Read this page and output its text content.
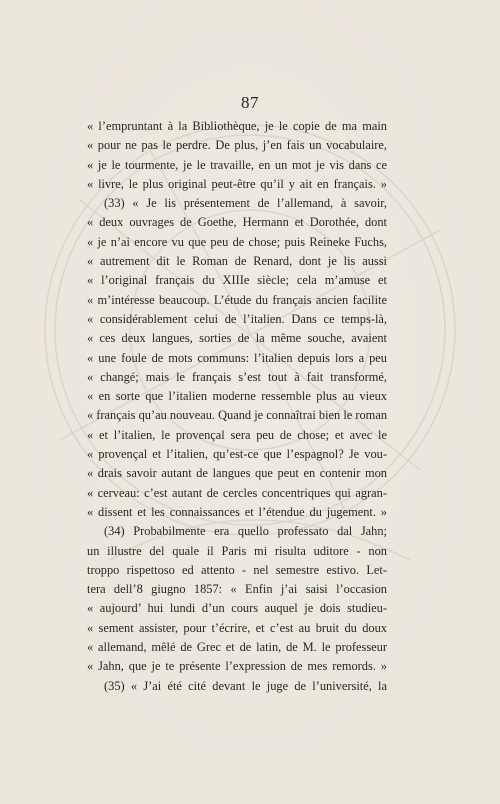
87
« l’empruntant à la Bibliothèque, je le copie de ma main
« pour ne pas le perdre. De plus, j’en fais un vocabulaire,
« je le tourmente, je le travaille, en un mot je vis dans ce
« livre, le plus original peut-être qu’il y ait en français. »
(33) « Je lis présentement de l’allemand, à savoir,
« deux ouvrages de Goethe, Hermann et Dorothée, dont
« je n’ai encore vu que peu de chose; puis Reineke Fuchs,
« autrement dit le Roman de Renard, dont je lis aussi
« l’original français du XIIIe siècle; cela m’amuse et
« m’intéresse beaucoup. L’étude du français ancien facilite
« considérablement celui de l’italien. Dans ce temps-là,
« ces deux langues, sorties de la même souche, avaient
« une foule de mots communs: l’italien depuis lors a peu
« changé; mais le français s’est tout à fait transformé,
« en sorte que l’italien moderne ressemble plus au vieux
« français qu’au nouveau. Quand je connaîtrai bien le roman
« et l’italien, le provençal sera peu de chose; et avec le
« provençal et l’italien, qu’est-ce que l’espagnol? Je vou-
« drais savoir autant de langues que peut en contenir mon
« cerveau: c’est autant de cercles concentriques qui agran-
« dissent et les connaissances et l’étendue du jugement. »
(34) Probabilmente era quello professato dal Jahn;
un illustre del quale il Paris mi risulta uditore - non
troppo rispettoso ed attento - nel semestre estivo. Let-
tera dell’8 giugno 1857: « Enfin j’ai saisi l’occasion
« aujourd’ hui lundi d’un cours auquel je dois studieu-
« sement assister, pour t’écrire, et c’est au bruit du doux
« allemand, mêlé de Grec et de latin, de M. le professeur
« Jahn, que je te présente l’expression de mes remords. »
(35) « J’ai été cité devant le juge de l’université, la
